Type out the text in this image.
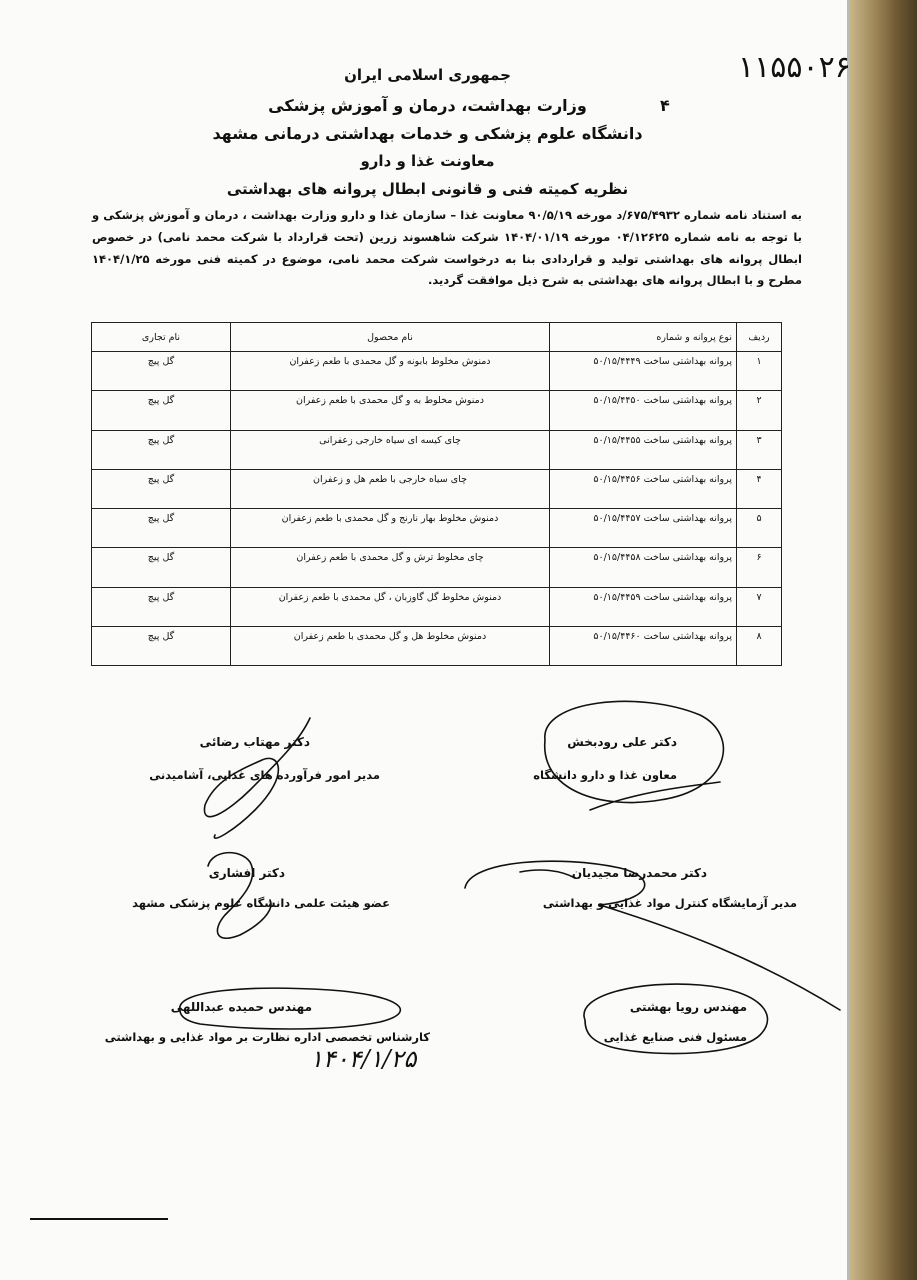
۱۱۵۵۰۲۶
۴
جمهوری اسلامی ایران
وزارت بهداشت، درمان و آموزش پزشکی
دانشگاه علوم پزشکی و خدمات بهداشتی درمانی مشهد
معاونت غذا و دارو
نظریه کمیته فنی و قانونی ابطال پروانه های بهداشتی
به استناد نامه شماره ۶۷۵/۴۹۳۲/د مورخه ۹۰/۵/۱۹ معاونت غذا – سازمان غذا و دارو وزارت بهداشت ، درمان و آموزش پزشکی و با توجه به نامه شماره ۰۴/۱۲۶۲۵ مورخه ۱۴۰۴/۰۱/۱۹ شرکت شاهسوند زرین (تحت قرارداد با شرکت محمد نامی) در خصوص ابطال پروانه های بهداشتی تولید و قراردادی بنا به درخواست شرکت محمد نامی، موضوع در کمیته فنی مورخه ۱۴۰۴/۱/۲۵ مطرح و با ابطال پروانه های بهداشتی به شرح ذیل موافقت گردید.
ردیف	نوع پروانه و شماره	نام محصول	نام تجاری
۱	پروانه بهداشتی ساخت ۵۰/۱۵/۴۴۴۹	دمنوش مخلوط بابونه و گل محمدی با طعم زعفران	گل پیچ
۲	پروانه بهداشتی ساخت ۵۰/۱۵/۴۴۵۰	دمنوش مخلوط به و گل محمدی با طعم زعفران	گل پیچ
۳	پروانه بهداشتی ساخت ۵۰/۱۵/۴۴۵۵	چای کیسه ای سیاه خارجی زعفرانی	گل پیچ
۴	پروانه بهداشتی ساخت ۵۰/۱۵/۴۴۵۶	چای سیاه خارجی با طعم هل و زعفران	گل پیچ
۵	پروانه بهداشتی ساخت ۵۰/۱۵/۴۴۵۷	دمنوش مخلوط بهار نارنج و گل محمدی با طعم زعفران	گل پیچ
۶	پروانه بهداشتی ساخت ۵۰/۱۵/۴۴۵۸	چای مخلوط ترش و گل محمدی با طعم زعفران	گل پیچ
۷	پروانه بهداشتی ساخت ۵۰/۱۵/۴۴۵۹	دمنوش مخلوط گل گاوزبان ، گل محمدی با طعم زعفران	گل پیچ
۸	پروانه بهداشتی ساخت ۵۰/۱۵/۴۴۶۰	دمنوش مخلوط هل و گل محمدی با طعم زعفران	گل پیچ
دکتر علی رودبخش
معاون غذا و دارو دانشگاه
دکتر مهتاب رضائی
مدیر امور فرآورده های غذایی، آشامیدنی
دکتر محمدرضا مجیدیان
مدیر آزمایشگاه کنترل مواد غذایی و بهداشتی
دکتر افشاری
عضو هیئت علمی دانشگاه علوم پزشکی مشهد
مهندس رویا بهشتی
مسئول فنی صنایع غذایی
مهندس حمیده عبداللهی
کارشناس تخصصی اداره نظارت بر مواد غذایی و بهداشتی
۱۴۰۴/۱/۲۵
